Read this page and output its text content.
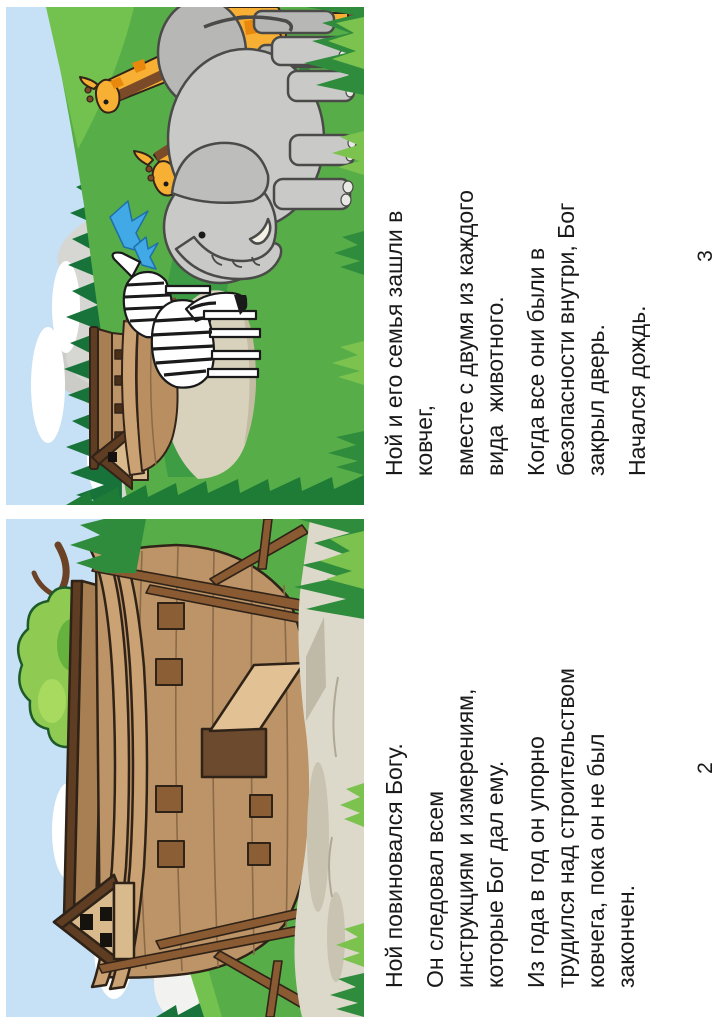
Ной и его семья зашли в ковчег, вместе с двумя из каждого вида  животного. Когда все они были в безопасности внутри, Бог закрыл дверь. Начался дождь.
3
Ной повиновался Богу. Он следовал всем инструкциям и измерениям, которые Бог дал ему. Из года в год он упорно трудился над строительством ковчега, пока он не был закончен.
2
